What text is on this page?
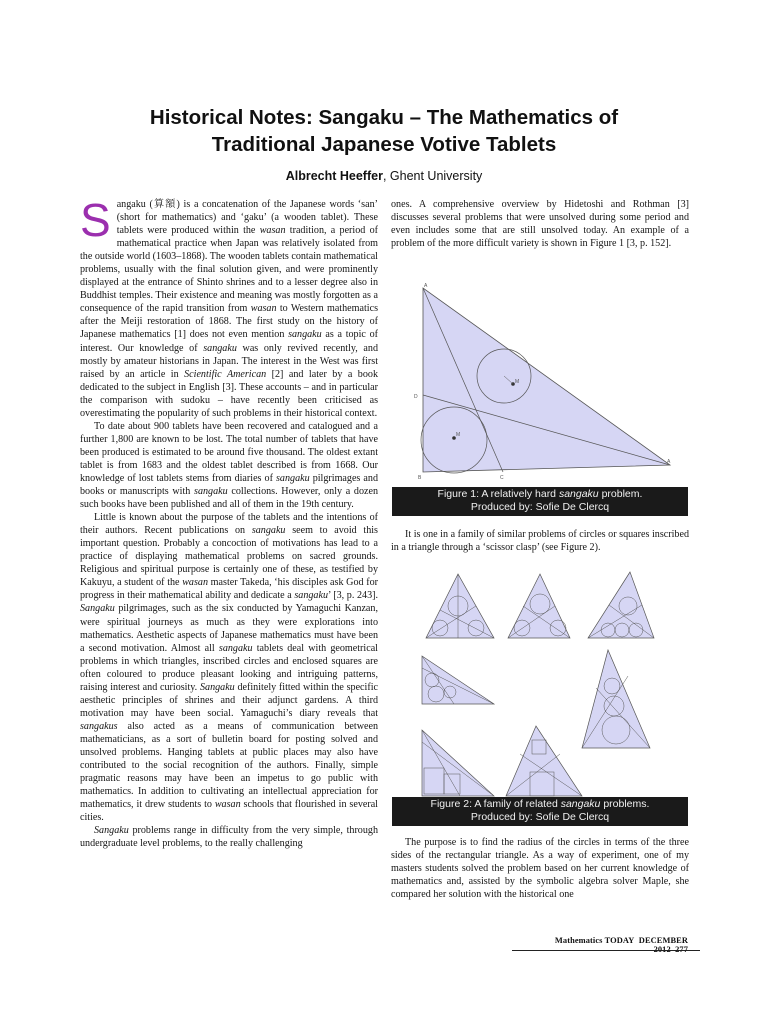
Historical Notes: Sangaku – The Mathematics of
Traditional Japanese Votive Tablets
Albrecht Heeffer, Ghent University

Sangaku (算額) is a concatenation of the Japanese words ‘san’ (short for mathematics) and ‘gaku’ (a wooden tablet). These tablets were produced within the wasan tradition, a period of mathematical practice when Japan was relatively isolated from the outside world (1603–1868). The wooden tablets contain mathematical problems, usually with the final solution given, and were prominently displayed at the entrance of Shinto shrines and to a lesser degree also in Buddhist temples. Their existence and meaning was mostly forgotten as a consequence of the rapid transition from wasan to Western mathematics after the Meiji restoration of 1868. The first study on the history of Japanese mathematics [1] does not even mention sangaku as a topic of interest. Our knowledge of sangaku was only revived recently, and mostly by amateur historians in Japan. The interest in the West was first raised by an article in Scientific American [2] and later by a book dedicated to the subject in English [3]. These accounts – and in particular the comparison with sudoku – have recently been criticised as overestimating the popularity of such problems in their historical context.

To date about 900 tablets have been recovered and catalogued and a further 1,800 are known to be lost. The total number of tablets that have been produced is estimated to be around five thousand. The oldest extant tablet is from 1683 and the oldest tablet described is from 1668. Our knowledge of lost tablets stems from diaries of sangaku pilgrimages and books or manuscripts with sangaku collections. However, only a dozen such books have been published and all of them in the 19th century.

Little is known about the purpose of the tablets and the intentions of their authors. Recent publications on sangaku seem to avoid this important question. Probably a concoction of motivations has lead to a practice of displaying mathematical problems on sacred grounds. Religious and spiritual purpose is certainly one of these, as testified by Kakuyu, a student of the wasan master Takeda, ‘his disciples ask God for progress in their mathematical ability and dedicate a sangaku’ [3, p. 243]. Sangaku pilgrimages, such as the six conducted by Yamaguchi Kanzan, were spiritual journeys as much as they were explorations into mathematics. Aesthetic aspects of Japanese mathematics must have been a second motivation. Almost all sangaku tablets deal with geometrical problems in which triangles, inscribed circles and enclosed squares are often coloured to produce pleasant looking and intriguing patterns, raising interest and curiosity. Sangaku definitely fitted within the specific aesthetic principles of shrines and their adjunct gardens. A third motivation may have been social. Yamaguchi’s diary reveals that sangakus also acted as a means of communication between mathematicians, as a sort of bulletin board for posting solved and unsolved problems. Hanging tablets at public places may also have contributed to the social recognition of the authors. Finally, simple pragmatic reasons may have been an impetus to go public with mathematics. In addition to cultivating an intellectual appreciation for mathematics, it drew students to wasan schools that flourished in several cities.

Sangaku problems range in difficulty from the very simple, through undergraduate level problems, to the really challenging

ones. A comprehensive overview by Hidetoshi and Rothman [3] discusses several problems that were unsolved during some period and even includes some that are still unsolved today. An example of a problem of the more difficult variety is shown in Figure 1 [3, p. 152].

A
D
A
B	C
M
M
Figure 1: A relatively hard sangaku problem.
Produced by: Sofie De Clercq

It is one in a family of similar problems of circles or squares inscribed in a triangle through a ‘scissor clasp’ (see Figure 2).

Figure 2: A family of related sangaku problems.
Produced by: Sofie De Clercq

The purpose is to find the radius of the circles in terms of the three sides of the rectangular triangle. As a way of experiment, one of my masters students solved the problem based on her current knowledge of mathematics and, assisted by the symbolic algebra solver Maple, she compared her solution with the historical one

Mathematics TODAY DECEMBER
